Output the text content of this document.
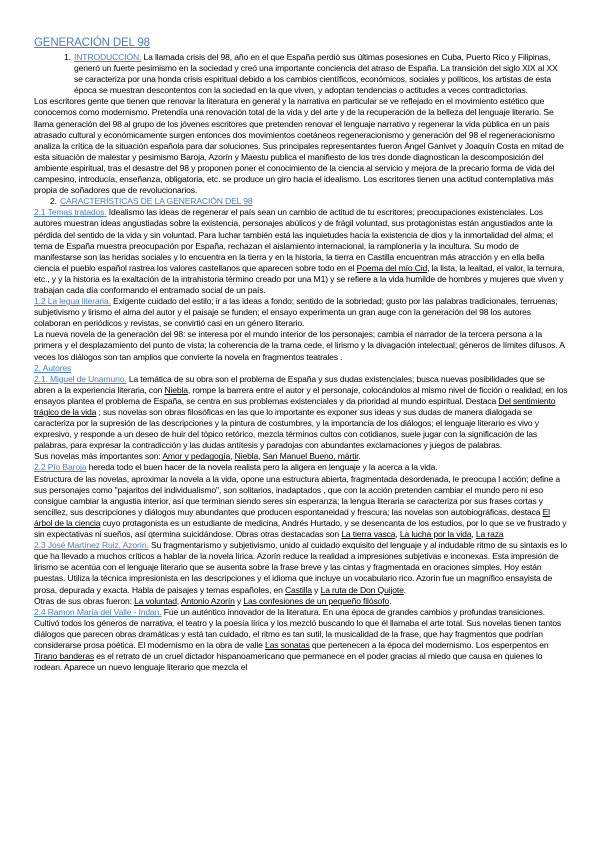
GENERACIÓN DEL 98

1. INTRODUCCIÓN. La llamada crisis del 98, año en el que España perdió sus últimas posesiones en Cuba, Puerto Rico y Filipinas, generó un fuerte pesimismo en la sociedad y creó una importante conciencia del atraso de España. La transición del siglo XIX al XX se caracteriza por una honda crisis espiritual debido a los cambios científicos, económicos, sociales y políticos, los artistas de esta época se muestran descontentos con la sociedad en la que viven, y adoptan tendencias o actitudes a veces contradictorias.

Los escritores gente que tienen que renovar la literatura en general y la narrativa en particular se ve reflejado en el movimiento estético que conocemos como modernismo. Pretendía una renovación total de la vida y del arte y de la recuperación de la belleza del lenguaje literario. Se llama generación del 98 al grupo de los jóvenes escritores que pretenden renovar el lenguaje narrativo y regenerar la vida pública en un país atrasado cultural y económicamente surgen entonces dos movimientos coetáneos regeneracionismo y generación del 98 el regeneracionismo analiza la crítica de la situación española para dar soluciones. Sus principales representantes fueron Ángel Ganivet y Joaquín Costa en mitad de esta situación de malestar y pesimismo Baroja, Azorín y Maestu publica el manifiesto de los tres donde diagnostican la descomposición del ambiente espiritual, tras el desastre del 98 y proponen poner el conocimiento de la ciencia al servicio y mejora de la precario forma de vida del campesino, introducía, enseñanza, obligatoria, etc. se produce un giro hacia el idealismo. Los escritores tienen una actitud contemplativa más propia de soñadores que de revolucionarios.

2. CARACTERÍSTICAS DE LA GENERACIÓN DEL 98

2.1 Temas tratados. Idealismo las ideas de regenerar el país sean un cambio de actitud de tu escritores; preocupaciones existenciales. Los autores muestran ideas angustiadas sobre la existencia, personajes abúlicos y de frágil voluntad, sus protagonistas están angustiados ante la pérdida del sentido de la vida y sin voluntad. Para luchar también está las inquietudes hacia la existencia de dios y la inmortalidad del alma; el tema de España muestra preocupación por España, rechazan el aislamiento internacional, la ramplonería y la incultura. Su modo de manifestarse son las heridas sociales y lo encuentra en la tierra y en la historia, la tierra en Castilla encuentran más atracción y en ella bella ciencia el pueblo español rastrea los valores castellanos que aparecen sobre todo en el Poema del mío Cid, la lista, la lealtad, el valor, la ternura, etc., y y la historia es la exaltación de la intrahistoria término creado por una M1) y se refiere a la vida humilde de hombres y mujeres que viven y trabajan cada día conformando el entramado social de un país.

1.2 La legua literaria. Exigente cuidado del estilo; ir a las ideas a fondo; sentido de la sobriedad; gusto por las palabras tradicionales, terruenas; subjetivismo y lirismo el alma del autor y el paisaje se funden; el ensayo experimenta un gran auge con la generación del 98 los autores colaboran en periódicos y revistas, se convirtió casi en un género literario.

La nueva novela de la generación del 98: se interesa por el mundo interior de los personajes; cambia el narrador de la tercera persona a la primera y el desplazamiento del punto de vista; la coherencia de la trama cede, el lirismo y la divagación intelectual; géneros de límites difusos. A veces los diálogos son tan amplios que convierte la novela en fragmentos teatrales .

2. Autores

2.1. Miguel de Unamuno. La temática de su obra son el problema de España y sus dudas existenciales; busca nuevas posibilidades que se abren a la experiencia literaria, con Niebla, rompe la barrera entre el autor y el personaje, colocándolos al mismo nivel de ficción o realidad; en los ensayos plantea el problema de España, se centra en sus problemas existenciales y da prioridad al mundo espiritual. Destaca Del sentimiento trágico de la vida ; sus novelas son obras filosóficas en las que lo importante es exponer sus ideas y sus dudas de manera dialogada se caracteriza por la supresión de las descripciones y la pintura de costumbres, y la importancia de los diálogos; el lenguaje literario es vivo y expresivo, y responde a un deseo de huir del tópico retórico, mezcla términos cultos con cotidianos, suele jugar con la significación de las palabras, para expresar la contradicción y las dudas antítesis y paradojas con abundantes exclamaciones y juegos de palabras.

Sus novelas más importantes son: Amor y pedagogía, Niebla, San Manuel Bueno, mártir.

2.2 Pío Baroja hereda todo el buen hacer de la novela realista pero la aligera en lenguaje y la acerca a la vida.

Estructura de las novelas, aproximar la novela a la vida, opone una estructura abierta, fragmentada desordenada, le preocupa l acción; define a sus personajes como "pajaritos del individualismo", son solitarios, inadaptados , que con la acción pretenden cambiar el mundo pero ni eso consigue cambiar la angustia interior, así que terminan siendo seres sin esperanza; la lengua literaria se caracteriza por sus frases cortas y sencillez, sus descripciones y diálogos muy abundantes que producen espontaneidad y frescura; las novelas son autobiográficas, destaca El árbol de la ciencia cuyo protagonista es un estudiante de medicina, Andrés Hurtado, y se desencanta de los estudios, por lo que se ve frustrado y sin expectativas ni sueños, así qtermina suicidándose. Obras otras destacadas son La tierra vasca, La lucha por la vida, La raza

2.3 José Martínez Ruiz, Azorín. Su fragmentarismo y subjetivismo, unido al cuidado exquisito del lenguaje y al indudable ritmo de su sintaxis es lo que ha llevado a muchos críticos a hablar de la novela lírica. Azorín reduce la realidad a impresiones subjetivas e inconexas. Esta impresión de lirismo se acentúa con el lenguaje literario que se ausenta sobre la frase breve y las cintas y fragmentada en oraciones simples. Hoy están puestas. Utiliza la técnica impresionista en las descripciones y el idioma que incluye un vocabulario rico. Azorín fue un magnífico ensayista de prosa, depurada y exacta. Habla de paisajes y temas españoles, en Castilla y La ruta de Don Quijote.

Otras de sus obras fueron: La voluntad, Antonio Azorín y Las confesiones de un pequeño filósofo.

2.4 Ramon María del Valle - Indan. Fue un auténtico innovador de la literatura. En una época de grandes cambios y profundas transiciones. Cultivó todos los géneros de narrativa, el teatro y la poesía lírica y los mezcló buscando lo que él llamaba el arte total. Sus novelas tienen tantos diálogos que parecen obras dramáticas y está tan cuidado, el ritmo es tan sutil, la musicalidad de la frase, que hay fragmentos que podrían considerarse prosa poética. El modernismo en la obra de valle Las sonatas que pertenecen a la época del modernismo. Los esperpentos en Tirano banderas es el retrato de un cruel dictador hispanoamericano que permanece en el poder gracias al miedo que causa en quienes lo rodean. Aparece un nuevo lenguaje literario que mezcla el
